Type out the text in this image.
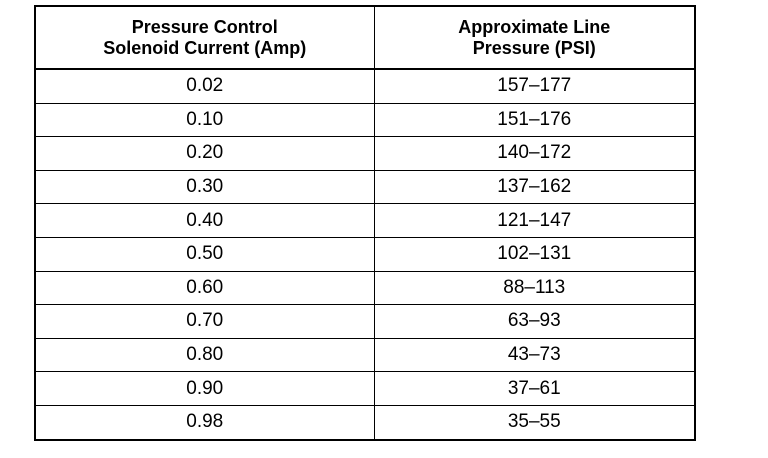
Pressure Control
Solenoid Current (Amp)	Approximate Line
Pressure (PSI)

0.02	157–177
0.10	151–176
0.20	140–172
0.30	137–162
0.40	121–147
0.50	102–131
0.60	88–113
0.70	63–93
0.80	43–73
0.90	37–61
0.98	35–55
